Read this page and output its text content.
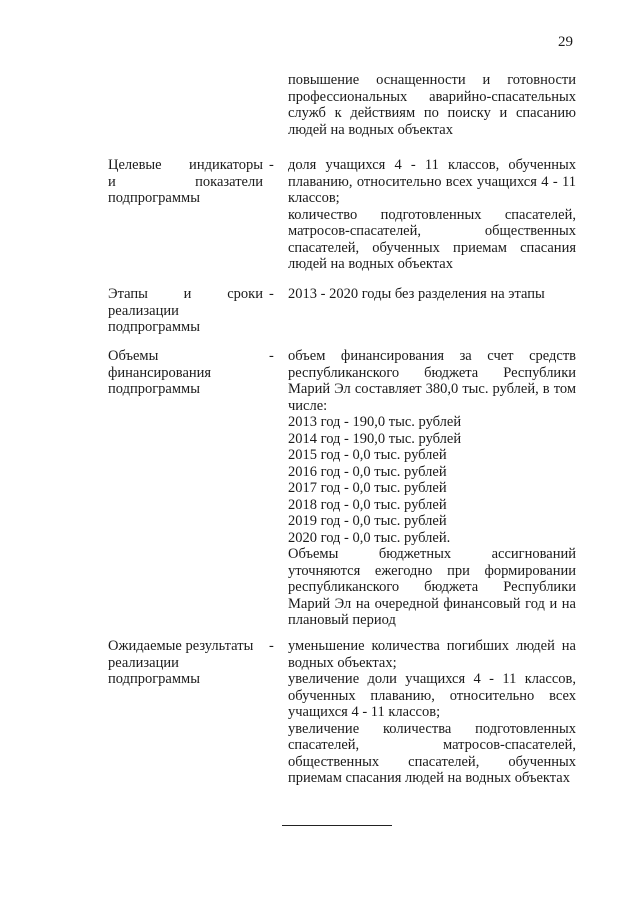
29
повышение оснащенности и готовности профессиональных аварийно-спасательных служб к действиям по поиску и спасанию людей на водных объектах
Целевые индикаторы
и показатели
подпрограммы
- доля учащихся 4 - 11 классов, обученных плаванию, относительно всех учащихся 4 - 11 классов;
количество подготовленных спасателей, матросов-спасателей, общественных спасателей, обученных приемам спасания людей на водных объектах
Этапы и сроки
реализации
подпрограммы
- 2013 - 2020 годы без разделения на этапы
Объемы
финансирования
подпрограммы
- объем финансирования за счет средств республиканского бюджета Республики Марий Эл составляет 380,0 тыс. рублей, в том числе:
2013 год - 190,0 тыс. рублей
2014 год - 190,0 тыс. рублей
2015 год - 0,0 тыс. рублей
2016 год - 0,0 тыс. рублей
2017 год - 0,0 тыс. рублей
2018 год - 0,0 тыс. рублей
2019 год - 0,0 тыс. рублей
2020 год - 0,0 тыс. рублей.
Объемы бюджетных ассигнований уточняются ежегодно при формировании республиканского бюджета Республики Марий Эл на очередной финансовый год и на плановый период
Ожидаемые результаты
реализации
подпрограммы
- уменьшение количества погибших людей на водных объектах;
увеличение доли учащихся 4 - 11 классов, обученных плаванию, относительно всех учащихся 4 - 11 классов;
увеличение количества подготовленных спасателей, матросов-спасателей, общественных спасателей, обученных приемам спасания людей на водных объектах
